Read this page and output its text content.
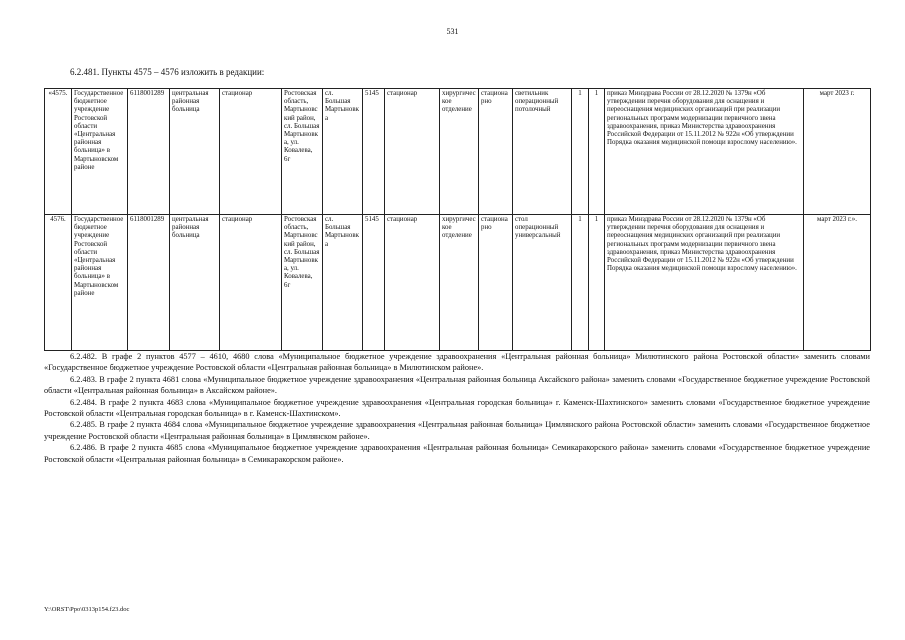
531
6.2.481. Пункты 4575 – 4576 изложить в редакции:
«4575.	Государственное бюджетное учреждение Ростовской области «Центральная районная больница» в Мартыновском районе	6118001289	центральная районная больница	стационар	Ростовская область, Мартыновский район, сл. Большая Мартыновка, ул. Ковалева, 6г	сл. Большая Мартыновка	5145	стационар	хирургическое отделение	стационарно	светильник операционный потолочный	1	1	приказ Минздрава России от 28.12.2020 № 1379н «Об утверждении перечня оборудования для оснащения и переоснащения медицинских организаций при реализации региональных программ модернизации первичного звена здравоохранения, приказ Министерства здравоохранения Российской Федерации от 15.11.2012 № 922н «Об утверждении Порядка оказания медицинской помощи взрослому населению».	март 2023 г.
4576.	Государственное бюджетное учреждение Ростовской области «Центральная районная больница» в Мартыновском районе	6118001289	центральная районная больница	стационар	Ростовская область, Мартыновский район, сл. Большая Мартыновка, ул. Ковалева, 6г	сл. Большая Мартыновка	5145	стационар	хирургическое отделение	стационарно	стол операционный универсальный	1	1	приказ Минздрава России от 28.12.2020 № 1379н «Об утверждении перечня оборудования для оснащения и переоснащения медицинских организаций при реализации региональных программ модернизации первичного звена здравоохранения, приказ Министерства здравоохранения Российской Федерации от 15.11.2012 № 922н «Об утверждении Порядка оказания медицинской помощи взрослому населению».	март 2023 г.».

6.2.482. В графе 2 пунктов 4577 – 4610, 4680 слова «Муниципальное бюджетное учреждение здравоохранения «Центральная районная больница» Милютинского района Ростовской области» заменить словами «Государственное бюджетное учреждение Ростовской области «Центральная районная больница» в Милютинском районе».

6.2.483. В графе 2 пункта 4681 слова «Муниципальное бюджетное учреждение здравоохранения «Центральная районная больница Аксайского района» заменить словами «Государственное бюджетное учреждение Ростовской области «Центральная районная больница» в Аксайском районе».

6.2.484. В графе 2 пункта 4683 слова «Муниципальное бюджетное учреждение здравоохранения «Центральная городская больница» г. Каменск-Шахтинского» заменить словами «Государственное бюджетное учреждение Ростовской области «Центральная городская больница» в г. Каменск-Шахтинском».

6.2.485. В графе 2 пункта 4684 слова «Муниципальное бюджетное учреждение здравоохранения «Центральная районная больница» Цимлянского района Ростовской области» заменить словами «Государственное бюджетное учреждение Ростовской области «Центральная районная больница» в Цимлянском районе».

6.2.486. В графе 2 пункта 4685 слова «Муниципальное бюджетное учреждение здравоохранения «Центральная районная больница» Семикаракорского района» заменить словами «Государственное бюджетное учреждение Ростовской области «Центральная районная больница» в Семикаракорском районе».

Y:\ORST\Ppo\0313p154.f23.doc
